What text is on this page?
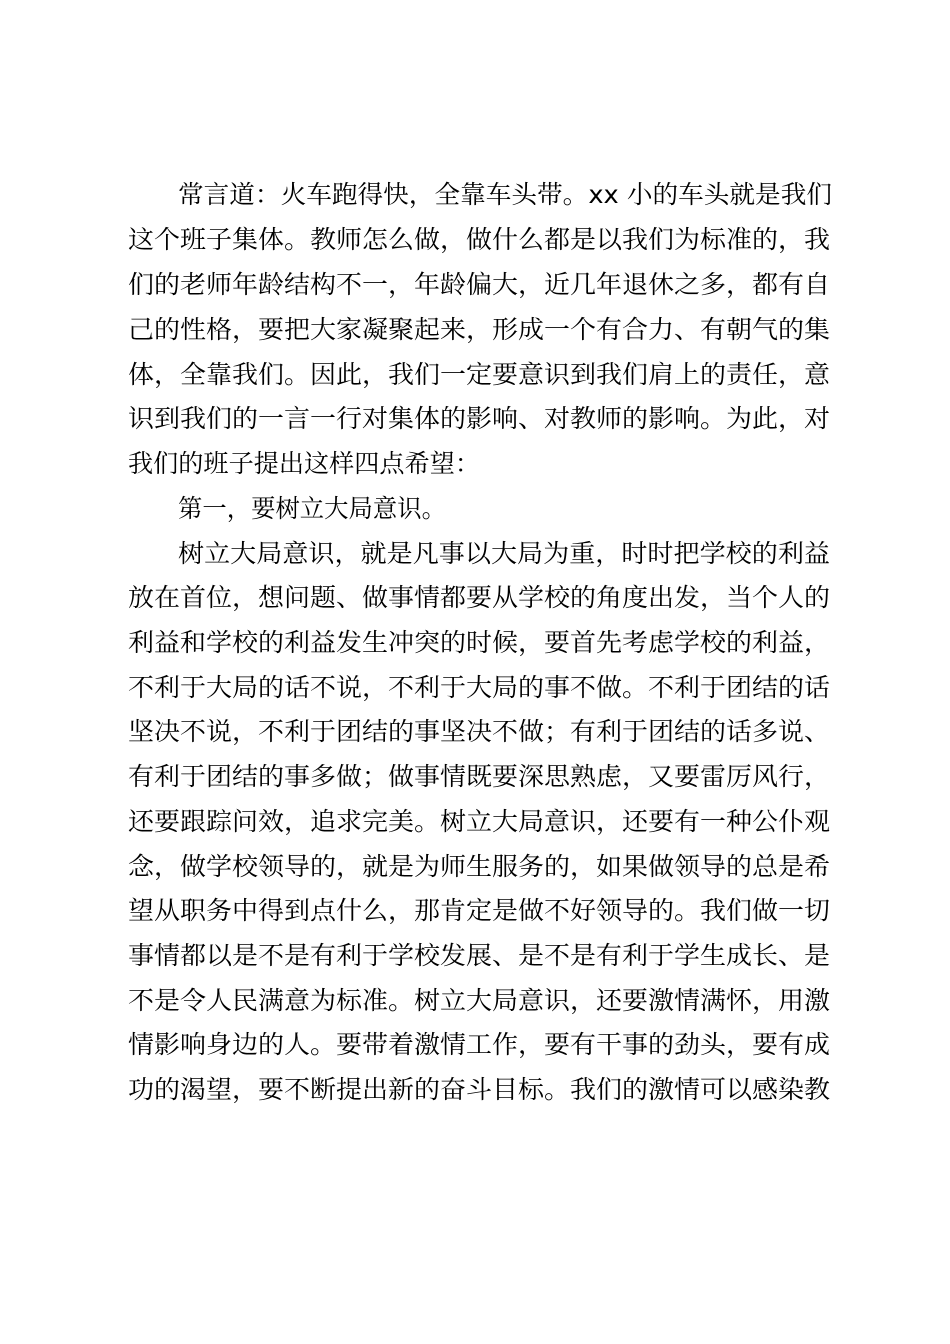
常言道：火车跑得快，全靠车头带。xx 小的车头就是我们
这个班子集体。教师怎么做，做什么都是以我们为标准的，我
们的老师年龄结构不一，年龄偏大，近几年退休之多，都有自
己的性格，要把大家凝聚起来，形成一个有合力、有朝气的集
体，全靠我们。因此，我们一定要意识到我们肩上的责任，意
识到我们的一言一行对集体的影响、对教师的影响。为此，对
我们的班子提出这样四点希望：
第一，要树立大局意识。
树立大局意识，就是凡事以大局为重，时时把学校的利益
放在首位，想问题、做事情都要从学校的角度出发，当个人的
利益和学校的利益发生冲突的时候，要首先考虑学校的利益，
不利于大局的话不说，不利于大局的事不做。不利于团结的话
坚决不说，不利于团结的事坚决不做；有利于团结的话多说、
有利于团结的事多做；做事情既要深思熟虑，又要雷厉风行，
还要跟踪问效，追求完美。树立大局意识，还要有一种公仆观
念，做学校领导的，就是为师生服务的，如果做领导的总是希
望从职务中得到点什么，那肯定是做不好领导的。我们做一切
事情都以是不是有利于学校发展、是不是有利于学生成长、是
不是令人民满意为标准。树立大局意识，还要激情满怀，用激
情影响身边的人。要带着激情工作，要有干事的劲头，要有成
功的渴望，要不断提出新的奋斗目标。我们的激情可以感染教
